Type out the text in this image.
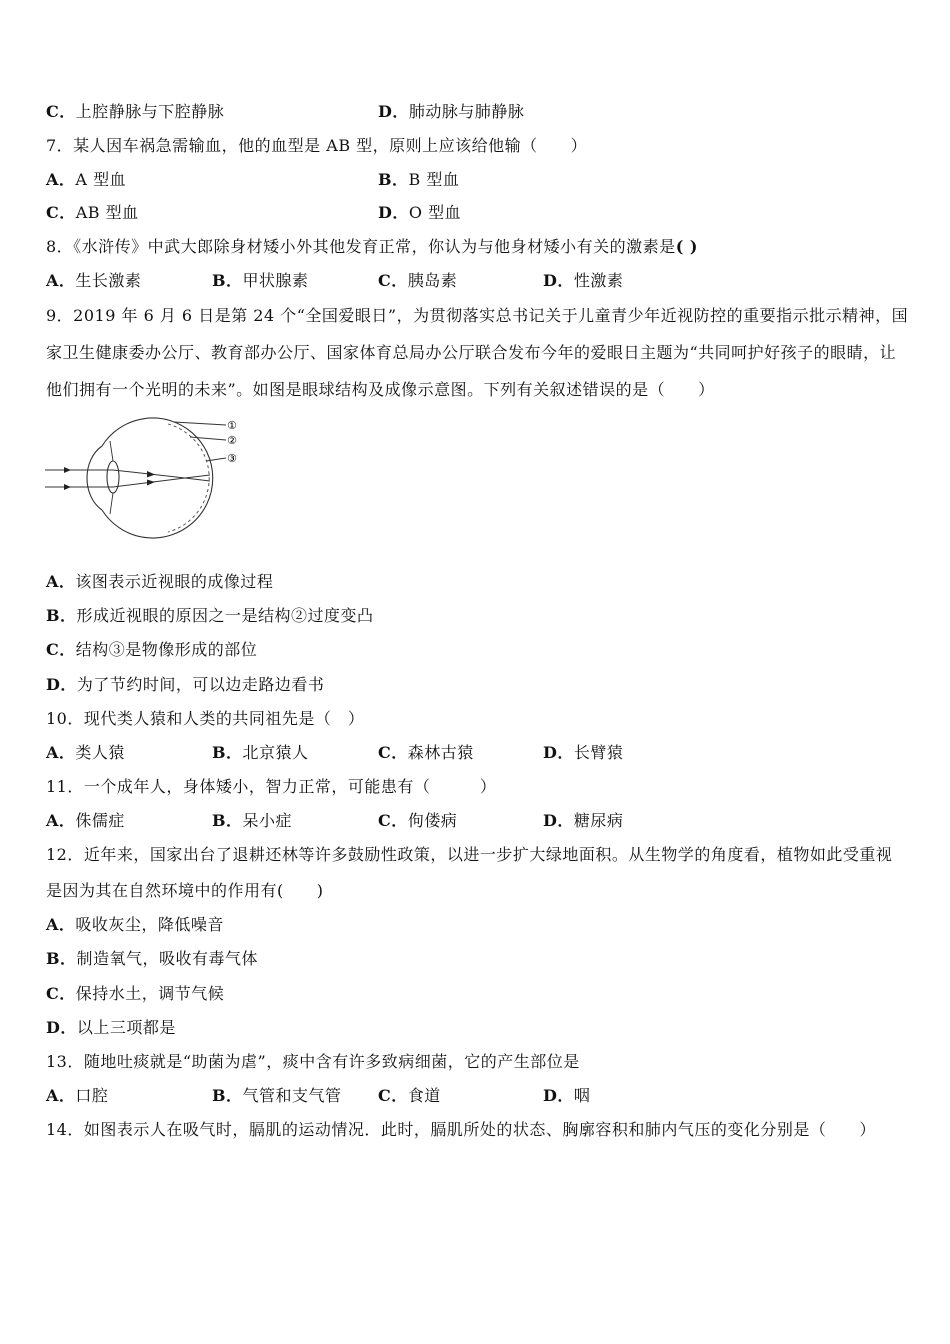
C．上腔静脉与下腔静脉	D．肺动脉与肺静脉
7．某人因车祸急需输血，他的血型是 AB 型，原则上应该给他输（　　）
A．A 型血	B．B 型血
C．AB 型血	D．O 型血
8．《水浒传》中武大郎除身材矮小外其他发育正常，你认为与他身材矮小有关的激素是( )
A．生长激素	B．甲状腺素	C．胰岛素	D．性激素
9．2019 年 6 月 6 日是第 24 个“全国爱眼日”，为贯彻落实总书记关于儿童青少年近视防控的重要指示批示精神，国
家卫生健康委办公厅、教育部办公厅、国家体育总局办公厅联合发布今年的爱眼日主题为“共同呵护好孩子的眼睛，让
他们拥有一个光明的未来”。如图是眼球结构及成像示意图。下列有关叙述错误的是（　　）
①
②
③
A．该图表示近视眼的成像过程
B．形成近视眼的原因之一是结构②过度变凸
C．结构③是物像形成的部位
D．为了节约时间，可以边走路边看书
10．现代类人猿和人类的共同祖先是（　）
A．类人猿	B．北京猿人	C．森林古猿	D．长臂猿
11．一个成年人，身体矮小，智力正常，可能患有（　　　）
A．侏儒症	B．呆小症	C．佝偻病	D．糖尿病
12．近年来，国家出台了退耕还林等许多鼓励性政策，以进一步扩大绿地面积。从生物学的角度看，植物如此受重视
是因为其在自然环境中的作用有(　　)
A．吸收灰尘，降低噪音
B．制造氧气，吸收有毒气体
C．保持水土，调节气候
D．以上三项都是
13．随地吐痰就是“助菌为虐”，痰中含有许多致病细菌，它的产生部位是
A．口腔	B．气管和支气管 C．食道	D．咽
14．如图表示人在吸气时，膈肌的运动情况．此时，膈肌所处的状态、胸廓容积和肺内气压的变化分别是（　　）
